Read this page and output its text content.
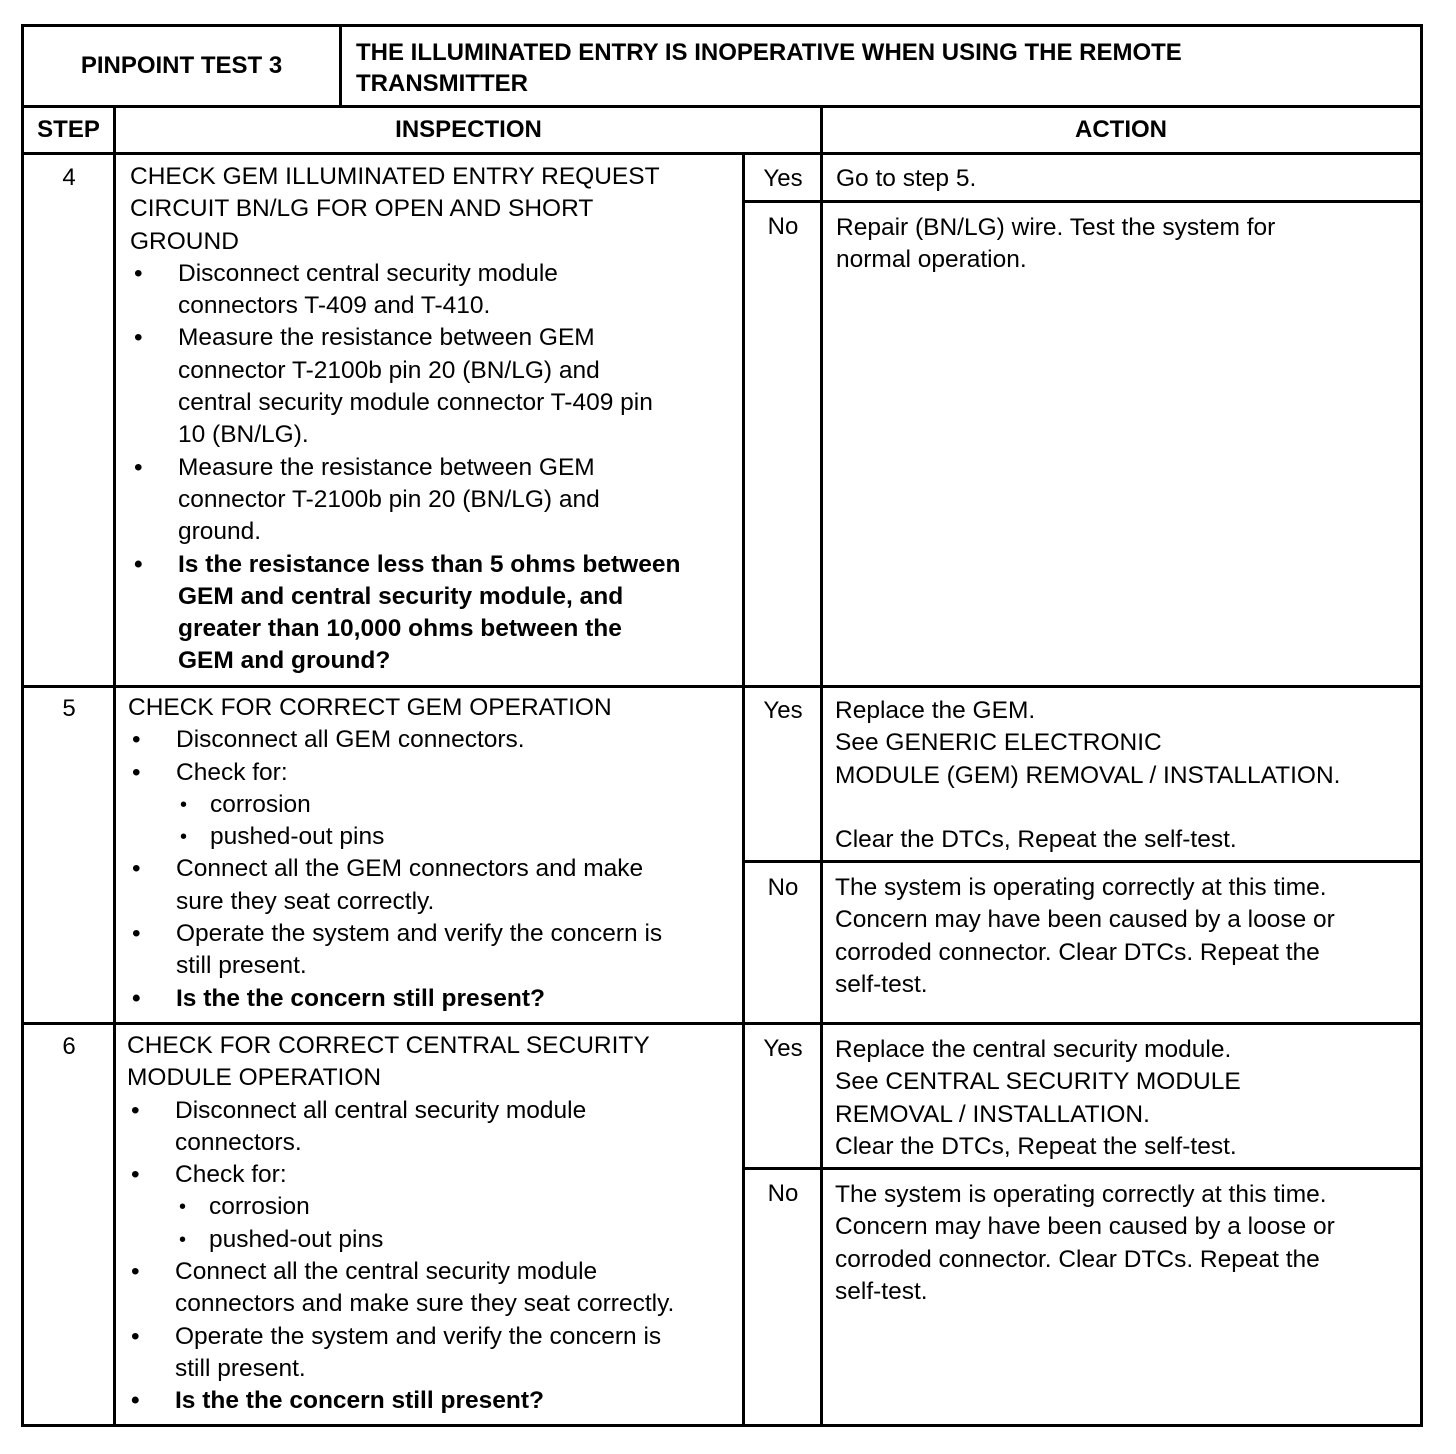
PINPOINT TEST 3	THE ILLUMINATED ENTRY IS INOPERATIVE WHEN USING THE REMOTE
TRANSMITTER
STEP	INSPECTION	ACTION
4	CHECK GEM ILLUMINATED ENTRY REQUEST
CIRCUIT BN/LG FOR OPEN AND SHORT
GROUND
• Disconnect central security module
connectors T-409 and T-410.
• Measure the resistance between GEM
connector T-2100b pin 20 (BN/LG) and
central security module connector T-409 pin
10 (BN/LG).
• Measure the resistance between GEM
connector T-2100b pin 20 (BN/LG) and
ground.
• Is the resistance less than 5 ohms between
GEM and central security module, and
greater than 10,000 ohms between the
GEM and ground?
Yes	Go to step 5.
No	Repair (BN/LG) wire. Test the system for
normal operation.
5	CHECK FOR CORRECT GEM OPERATION
• Disconnect all GEM connectors.
• Check for:
• corrosion
• pushed-out pins
• Connect all the GEM connectors and make
sure they seat correctly.
• Operate the system and verify the concern is
still present.
• Is the the concern still present?
Yes	Replace the GEM.
See GENERIC ELECTRONIC
MODULE (GEM) REMOVAL / INSTALLATION.
Clear the DTCs, Repeat the self-test.
No	The system is operating correctly at this time.
Concern may have been caused by a loose or
corroded connector. Clear DTCs. Repeat the
self-test.
6	CHECK FOR CORRECT CENTRAL SECURITY
MODULE OPERATION
• Disconnect all central security module
connectors.
• Check for:
• corrosion
• pushed-out pins
• Connect all the central security module
connectors and make sure they seat correctly.
• Operate the system and verify the concern is
still present.
• Is the the concern still present?
Yes	Replace the central security module.
See CENTRAL SECURITY MODULE
REMOVAL / INSTALLATION.
Clear the DTCs, Repeat the self-test.
No	The system is operating correctly at this time.
Concern may have been caused by a loose or
corroded connector. Clear DTCs. Repeat the
self-test.
